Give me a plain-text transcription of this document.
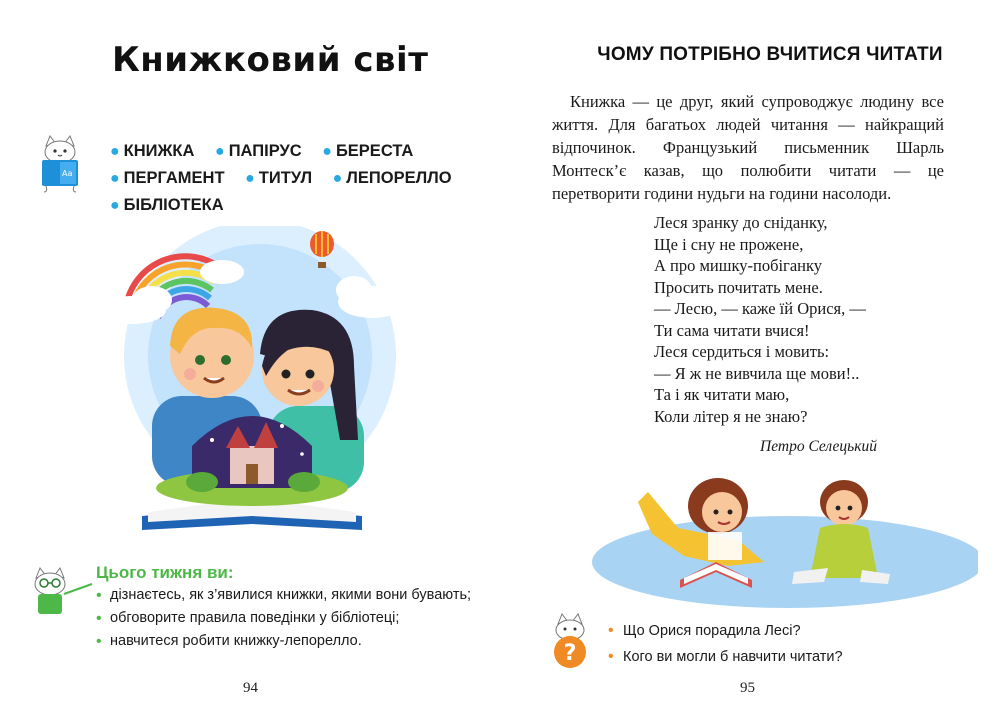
Книжковий світ
Aa
● КНИЖКА ● ПАПІРУС ● БЕРЕСТА
● ПЕРГАМЕНТ ● ТИТУЛ ● ЛЕПОРЕЛЛО
● БІБЛІОТЕКА
Цього тижня ви:
• дізнаєтесь, як з’явилися книжки, якими вони бувають;
• обговорите правила поведінки у бібліотеці;
• навчитеся робити книжку-лепорелло.
94
ЧОМУ ПОТРІБНО ВЧИТИСЯ ЧИТАТИ

Книжка — це друг, який супроводжує людину все життя. Для багатьох людей читання — найкращий відпочинок. Французький письменник Шарль Монтеск’є казав, що полюбити читати — це перетворити години нудьги на години насолоди.

Леся зранку до сніданку,
Ще і сну не прожене,
А про мишку-побіганку
Просить почитать мене.
— Лесю, — каже їй Орися, —
Ти сама читати вчися!
Леся сердиться і мовить:
— Я ж не вивчила ще мови!..
Та і як читати маю,
Коли літер я не знаю?
Петро Селецький
?
• Що Орися порадила Лесі?
• Кого ви могли б навчити читати?
95
